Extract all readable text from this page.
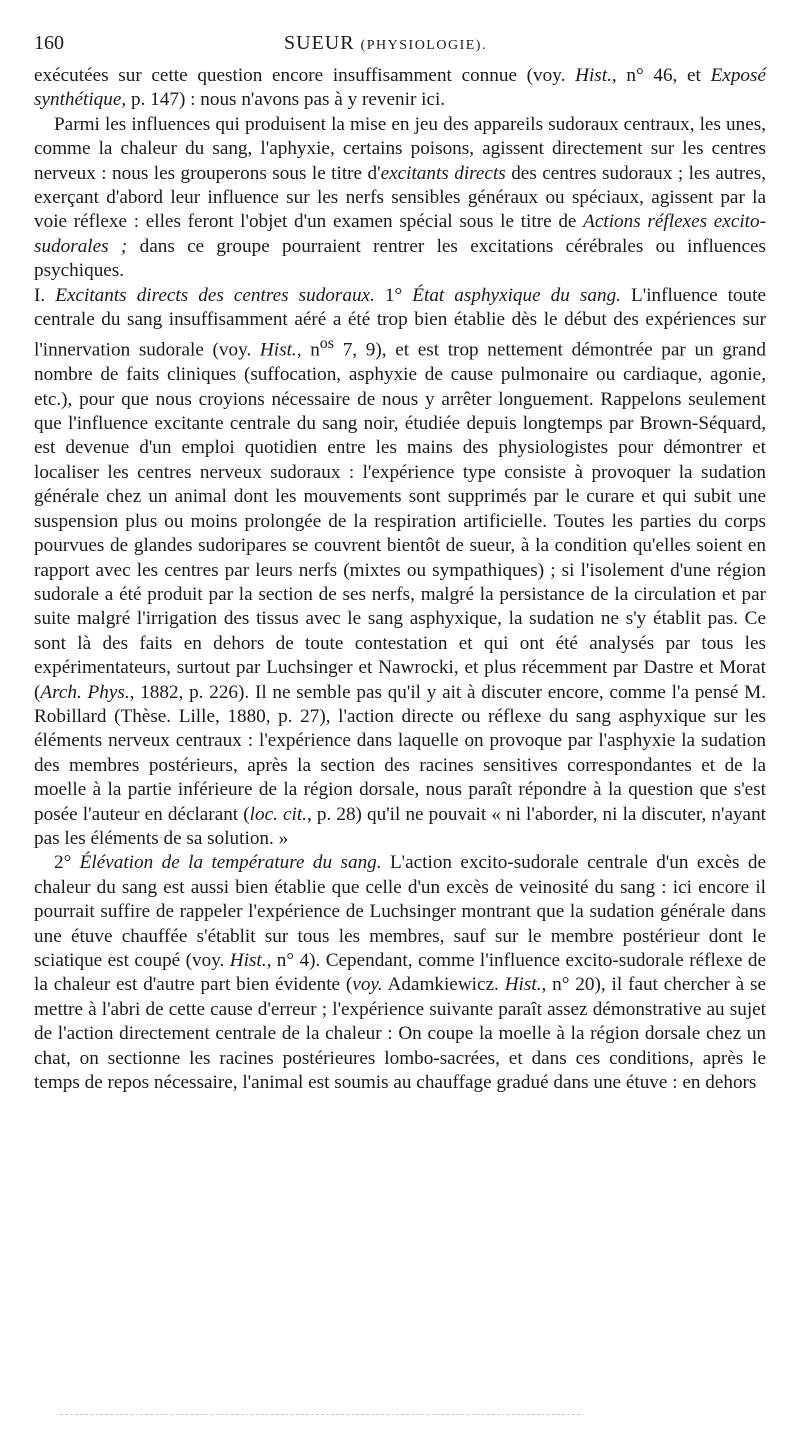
160	SUEUR (PHYSIOLOGIE).

exécutées sur cette question encore insuffisamment connue (voy. Hist., n° 46, et Exposé synthétique, p. 147) : nous n'avons pas à y revenir ici.

Parmi les influences qui produisent la mise en jeu des appareils sudoraux centraux, les unes, comme la chaleur du sang, l'aphyxie, certains poisons, agissent directement sur les centres nerveux : nous les grouperons sous le titre d'excitants directs des centres sudoraux ; les autres, exerçant d'abord leur influence sur les nerfs sensibles généraux ou spéciaux, agissent par la voie réflexe : elles feront l'objet d'un examen spécial sous le titre de Actions réflexes excito-sudorales ; dans ce groupe pourraient rentrer les excitations cérébrales ou influences psychiques.

I. Excitants directs des centres sudoraux. 1° État asphyxique du sang. L'influence toute centrale du sang insuffisamment aéré a été trop bien établie dès le début des expériences sur l'innervation sudorale (voy. Hist., $n^{os}$ 7, 9), et est trop nettement démontrée par un grand nombre de faits cliniques (suffocation, asphyxie de cause pulmonaire ou cardiaque, agonie, etc.), pour que nous croyions nécessaire de nous y arrêter longuement. Rappelons seulement que l'influence excitante centrale du sang noir, étudiée depuis longtemps par Brown-Séquard, est devenue d'un emploi quotidien entre les mains des physiologistes pour démontrer et localiser les centres nerveux sudoraux : l'expérience type consiste à provoquer la sudation générale chez un animal dont les mouvements sont supprimés par le curare et qui subit une suspension plus ou moins prolongée de la respiration artificielle. Toutes les parties du corps pourvues de glandes sudoripares se couvrent bientôt de sueur, à la condition qu'elles soient en rapport avec les centres par leurs nerfs (mixtes ou sympathiques) ; si l'isolement d'une région sudorale a été produit par la section de ses nerfs, malgré la persistance de la circulation et par suite malgré l'irrigation des tissus avec le sang asphyxique, la sudation ne s'y établit pas. Ce sont là des faits en dehors de toute contestation et qui ont été analysés par tous les expérimentateurs, surtout par Luchsinger et Nawrocki, et plus récemment par Dastre et Morat (Arch. Phys., 1882, p. 226). Il ne semble pas qu'il y ait à discuter encore, comme l'a pensé M. Robillard (Thèse. Lille, 1880, p. 27), l'action directe ou réflexe du sang asphyxique sur les éléments nerveux centraux : l'expérience dans laquelle on provoque par l'asphyxie la sudation des membres postérieurs, après la section des racines sensitives correspondantes et de la moelle à la partie inférieure de la région dorsale, nous paraît répondre à la question que s'est posée l'auteur en déclarant (loc. cit., p. 28) qu'il ne pouvait « ni l'aborder, ni la discuter, n'ayant pas les éléments de sa solution. »

2° Élévation de la température du sang. L'action excito-sudorale centrale d'un excès de chaleur du sang est aussi bien établie que celle d'un excès de veinosité du sang : ici encore il pourrait suffire de rappeler l'expérience de Luchsinger montrant que la sudation générale dans une étuve chauffée s'établit sur tous les membres, sauf sur le membre postérieur dont le sciatique est coupé (voy. Hist., n° 4). Cependant, comme l'influence excito-sudorale réflexe de la chaleur est d'autre part bien évidente (voy. Adamkiewicz. Hist., n° 20), il faut chercher à se mettre à l'abri de cette cause d'erreur ; l'expérience suivante paraît assez démonstrative au sujet de l'action directement centrale de la chaleur : On coupe la moelle à la région dorsale chez un chat, on sectionne les racines postérieures lombo-sacrées, et dans ces conditions, après le temps de repos nécessaire, l'animal est soumis au chauffage gradué dans une étuve : en dehors
